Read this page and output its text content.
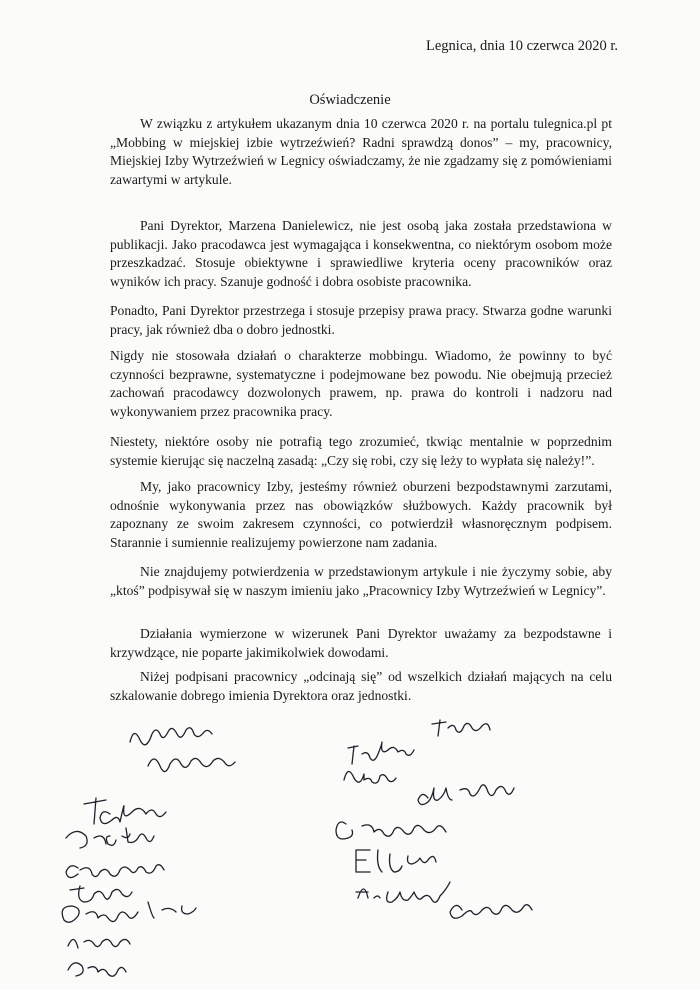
Legnica, dnia 10 czerwca 2020 r.
Oświadczenie

W związku z artykułem ukazanym dnia 10 czerwca 2020 r. na portalu tulegnica.pl pt „Mobbing w miejskiej izbie wytrzeźwień? Radni sprawdzą donos” – my, pracownicy, Miejskiej Izby Wytrzeźwień w Legnicy oświadczamy, że nie zgadzamy się z pomówieniami zawartymi w artykule.

Pani Dyrektor, Marzena Danielewicz, nie jest osobą jaka została przedstawiona w publikacji. Jako pracodawca jest wymagająca i konsekwentna, co niektórym osobom może przeszkadzać. Stosuje obiektywne i sprawiedliwe kryteria oceny pracowników oraz wyników ich pracy. Szanuje godność i dobra osobiste pracownika.

Ponadto, Pani Dyrektor przestrzega i stosuje przepisy prawa pracy. Stwarza godne warunki pracy, jak również dba o dobro jednostki.

Nigdy nie stosowała działań o charakterze mobbingu. Wiadomo, że powinny to być czynności bezprawne, systematyczne i podejmowane bez powodu. Nie obejmują przecież zachowań pracodawcy dozwolonych prawem, np. prawa do kontroli i nadzoru nad wykonywaniem przez pracownika pracy.

Niestety, niektóre osoby nie potrafią tego zrozumieć, tkwiąc mentalnie w poprzednim systemie kierując się naczelną zasadą: „Czy się robi, czy się leży to wypłata się należy!”.

My, jako pracownicy Izby, jesteśmy również oburzeni bezpodstawnymi zarzutami, odnośnie wykonywania przez nas obowiązków służbowych. Każdy pracownik był zapoznany ze swoim zakresem czynności, co potwierdził własnoręcznym podpisem. Starannie i sumiennie realizujemy powierzone nam zadania.

Nie znajdujemy potwierdzenia w przedstawionym artykule i nie życzymy sobie, aby „ktoś” podpisywał się w naszym imieniu jako „Pracownicy Izby Wytrzeźwień w Legnicy”.

Działania wymierzone w wizerunek Pani Dyrektor uważamy za bezpodstawne i krzywdzące, nie poparte jakimikolwiek dowodami.

Niżej podpisani pracownicy „odcinają się” od wszelkich działań mających na celu szkalowanie dobrego imienia Dyrektora oraz jednostki.
